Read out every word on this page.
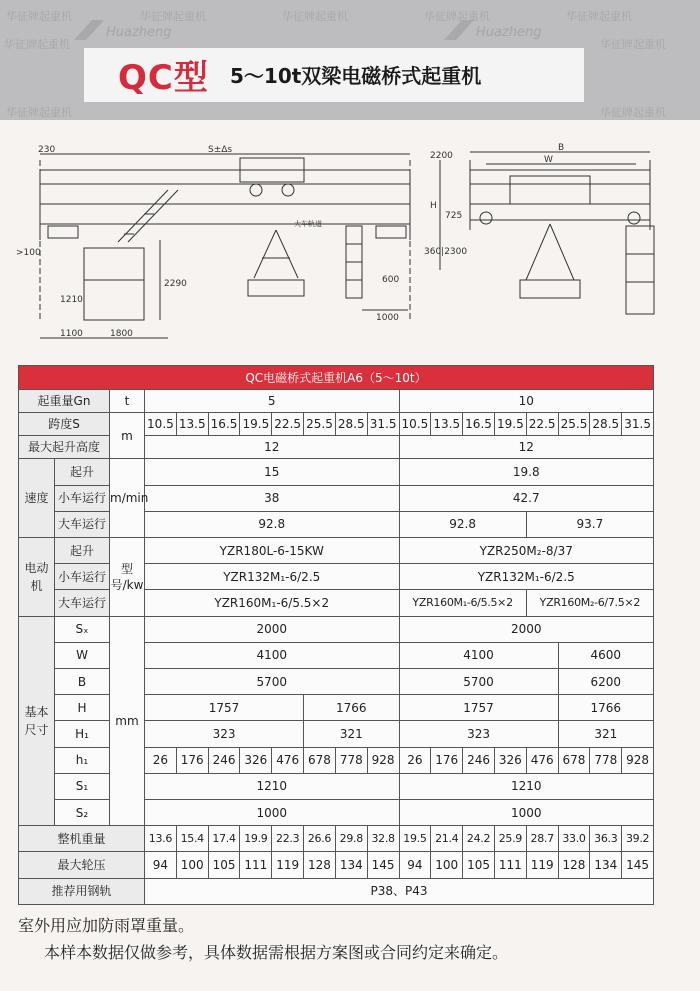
华征牌起重机	华征牌起重机	华征牌起重机	华征牌起重机	华征牌起重机
华征牌起重机	华征牌起重机
华征牌起重机	华征牌起重机
Huazheng	Huazheng
QC型 5～10t双梁电磁桥式起重机
230	S±Δs
2200
H
725
360|2300
>100
1210
2290
1100	1800
600
1000
B
W
大车轨道
QC电磁桥式起重机A6（5～10t）																		
起重量Gn		t	5								10							
跨度S		m	10.5	13.5	16.5	19.5	22.5	25.5	28.5	31.5	10.5	13.5	16.5	19.5	22.5	25.5	28.5	31.5
最大起升高度			12								12							
速度	起升	m/min	15								19.8							
	小车运行		38								42.7							
	大车运行		92.8								92.8				93.7			
电动机	起升	型号/kw	YZR180L-6-15KW								YZR250M₂-8/37							
	小车运行		YZR132M₁-6/2.5								YZR132M₁-6/2.5							
	大车运行		YZR160M₁-6/5.5×2								YZR160M₁-6/5.5×2				YZR160M₂-6/7.5×2			
基本尺寸	Sₓ	mm	2000								2000							
	W		4100								4100					4600		
	B		5700								5700					6200		
	H		1757					1766			1757					1766		
	H₁		323					321			323					321		
	h₁		26	176	246	326	476	678	778	928	26	176	246	326	476	678	778	928
	S₁		1210								1210							
	S₂		1000								1000							
整机重量			13.6	15.4	17.4	19.9	22.3	26.6	29.8	32.8	19.5	21.4	24.2	25.9	28.7	33.0	36.3	39.2
最大轮压			94	100	105	111	119	128	134	145	94	100	105	111	119	128	134	145
推荐用钢轨			P38、P43															
室外用应加防雨罩重量。
本样本数据仅做参考，具体数据需根据方案图或合同约定来确定。
